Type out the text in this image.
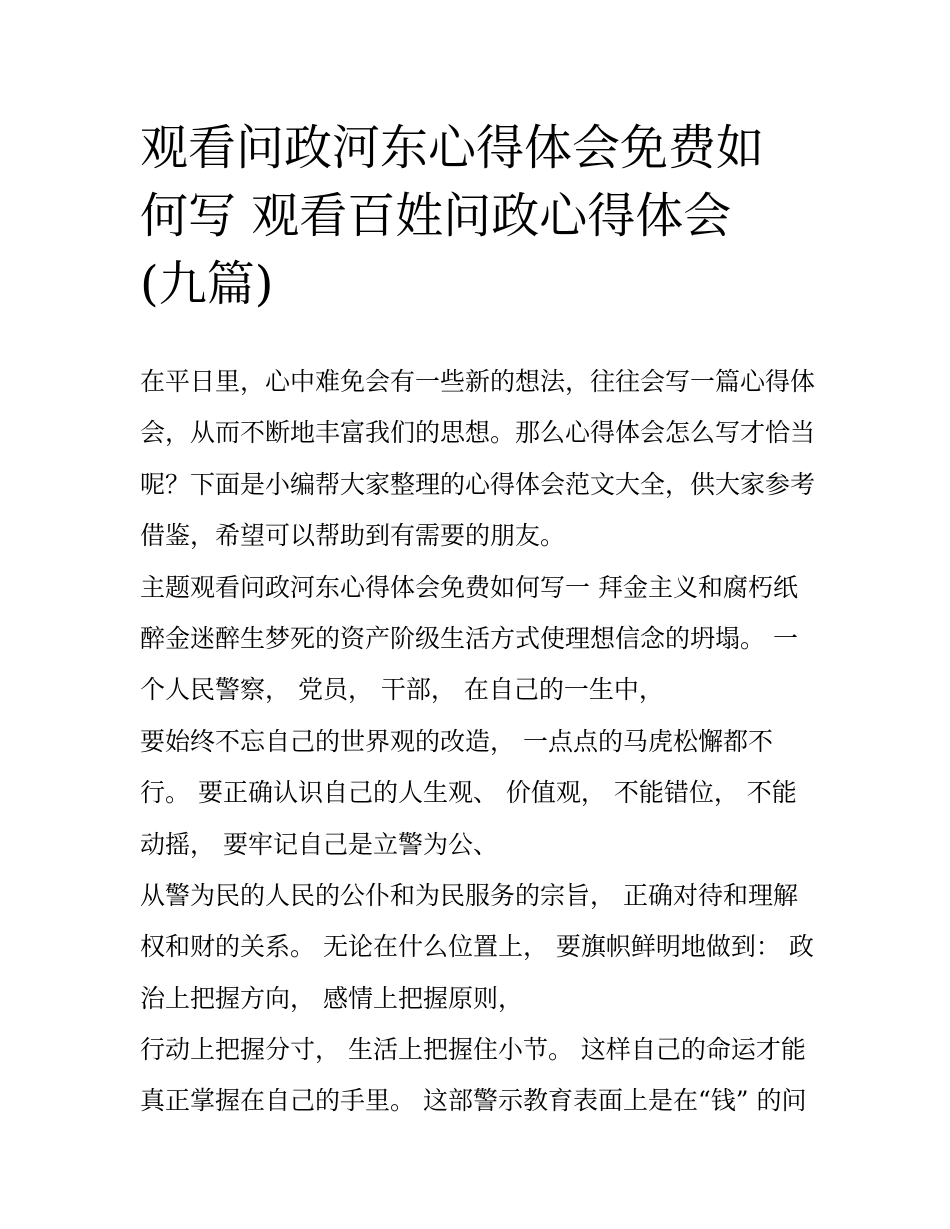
观看问政河东心得体会免费如
何写 观看百姓问政心得体会
(九篇)
在平日里，心中难免会有一些新的想法，往往会写一篇心得体
会，从而不断地丰富我们的思想。那么心得体会怎么写才恰当
呢？下面是小编帮大家整理的心得体会范文大全，供大家参考
借鉴，希望可以帮助到有需要的朋友。
主题观看问政河东心得体会免费如何写一 拜金主义和腐朽纸
醉金迷醉生梦死的资产阶级生活方式使理想信念的坍塌。 一
个人民警察， 党员， 干部， 在自己的一生中，
要始终不忘自己的世界观的改造， 一点点的马虎松懈都不
行。 要正确认识自己的人生观、 价值观， 不能错位， 不能
动摇， 要牢记自己是立警为公、
从警为民的人民的公仆和为民服务的宗旨， 正确对待和理解
权和财的关系。 无论在什么位置上， 要旗帜鲜明地做到： 政
治上把握方向， 感情上把握原则，
行动上把握分寸， 生活上把握住小节。 这样自己的命运才能
真正掌握在自己的手里。 这部警示教育表面上是在“钱” 的问
